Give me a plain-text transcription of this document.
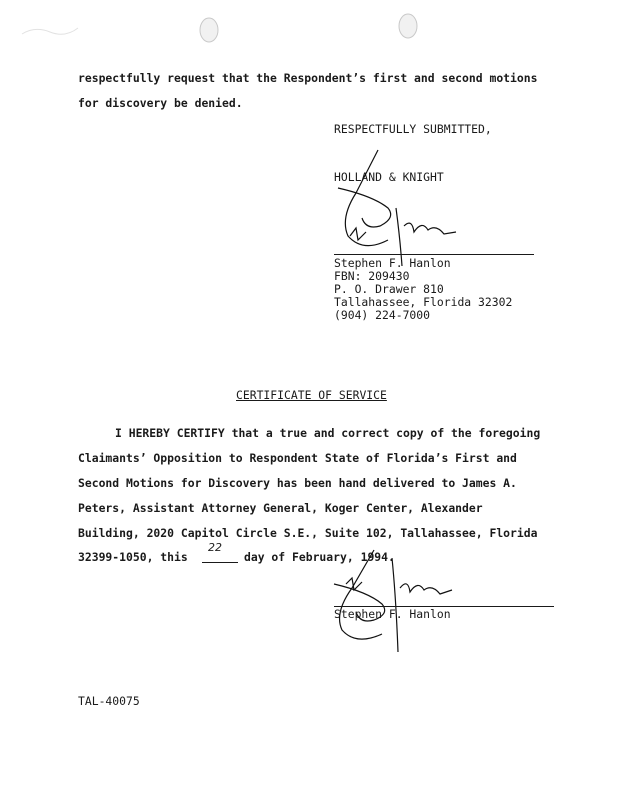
respectfully request that the Respondent’s first and second motions
for discovery be denied.
RESPECTFULLY SUBMITTED,
HOLLAND & KNIGHT
Stephen F. Hanlon
FBN: 209430
P. O. Drawer 810
Tallahassee, Florida 32302
(904) 224-7000
CERTIFICATE OF SERVICE
I HEREBY CERTIFY that a true and correct copy of the foregoing
Claimants’ Opposition to Respondent State of Florida’s First and
Second Motions for Discovery has been hand delivered to James A.
Peters, Assistant Attorney General, Koger Center, Alexander
Building, 2020 Capitol Circle S.E., Suite 102, Tallahassee, Florida
32399-1050, this
22
day of February, 1994.
Stephen F. Hanlon
TAL-40075
